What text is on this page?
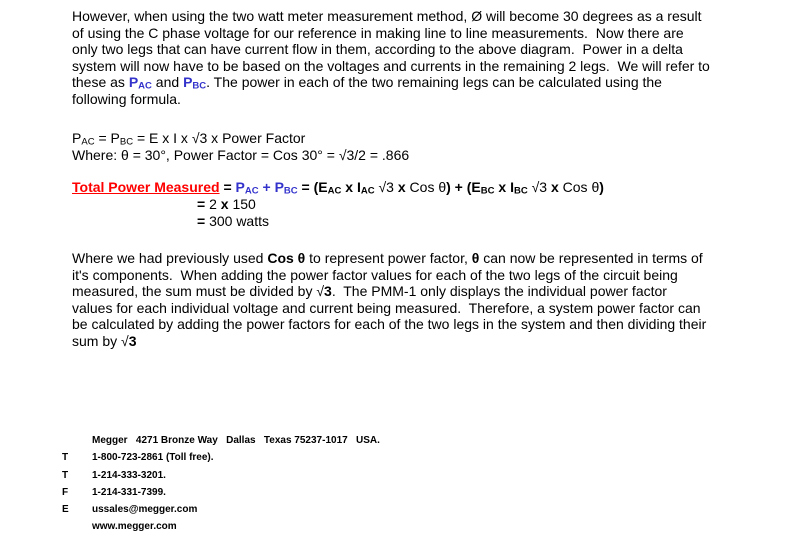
However, when using the two watt meter measurement method, Ø will become 30 degrees as a result
of using the C phase voltage for our reference in making line to line measurements.  Now there are
only two legs that can have current flow in them, according to the above diagram.  Power in a delta
system will now have to be based on the voltages and currents in the remaining 2 legs.  We will refer to
these as PAC and PBC. The power in each of the two remaining legs can be calculated using the
following formula.
PAC = PBC = E x I x √3 x Power Factor
Where: θ = 30°, Power Factor = Cos 30° = √3/2 = .866
Total Power Measured = PAC + PBC = (EAC x IAC √3 x Cos θ) + (EBC x IBC √3 x Cos θ)
= 2 x 150
= 300 watts
Where we had previously used Cos θ to represent power factor, θ can now be represented in terms of
it's components.  When adding the power factor values for each of the two legs of the circuit being
measured, the sum must be divided by √3.  The PMM-1 only displays the individual power factor
values for each individual voltage and current being measured.  Therefore, a system power factor can
be calculated by adding the power factors for each of the two legs in the system and then dividing their
sum by √3
Megger   4271 Bronze Way   Dallas   Texas 75237-1017   USA.
T	1-800-723-2861 (Toll free).
T	1-214-333-3201.
F	1-214-331-7399.
E	ussales@megger.com
www.megger.com
